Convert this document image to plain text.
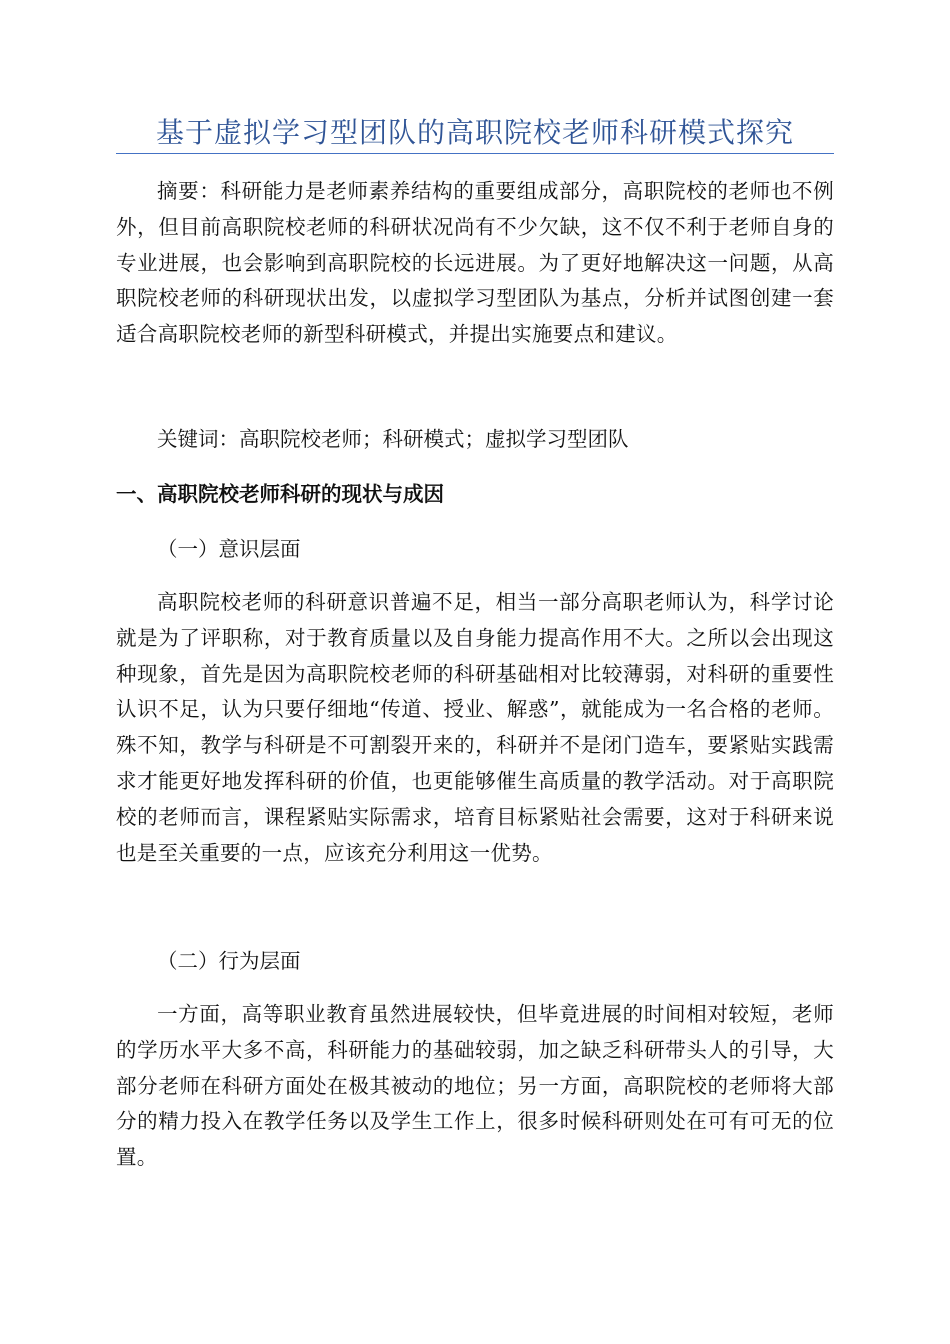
基于虚拟学习型团队的高职院校老师科研模式探究

摘要：科研能力是老师素养结构的重要组成部分，高职院校的老师也不例外，但目前高职院校老师的科研状况尚有不少欠缺，这不仅不利于老师自身的专业进展，也会影响到高职院校的长远进展。为了更好地解决这一问题，从高职院校老师的科研现状出发，以虚拟学习型团队为基点，分析并试图创建一套适合高职院校老师的新型科研模式，并提出实施要点和建议。

关键词：高职院校老师；科研模式；虚拟学习型团队

一、高职院校老师科研的现状与成因

（一）意识层面

高职院校老师的科研意识普遍不足，相当一部分高职老师认为，科学讨论就是为了评职称，对于教育质量以及自身能力提高作用不大。之所以会出现这种现象，首先是因为高职院校老师的科研基础相对比较薄弱，对科研的重要性认识不足，认为只要仔细地“传道、授业、解惑”，就能成为一名合格的老师。殊不知，教学与科研是不可割裂开来的，科研并不是闭门造车，要紧贴实践需求才能更好地发挥科研的价值，也更能够催生高质量的教学活动。对于高职院校的老师而言，课程紧贴实际需求，培育目标紧贴社会需要，这对于科研来说也是至关重要的一点，应该充分利用这一优势。

（二）行为层面

一方面，高等职业教育虽然进展较快，但毕竟进展的时间相对较短，老师的学历水平大多不高，科研能力的基础较弱，加之缺乏科研带头人的引导，大部分老师在科研方面处在极其被动的地位；另一方面，高职院校的老师将大部分的精力投入在教学任务以及学生工作上，很多时候科研则处在可有可无的位置。
